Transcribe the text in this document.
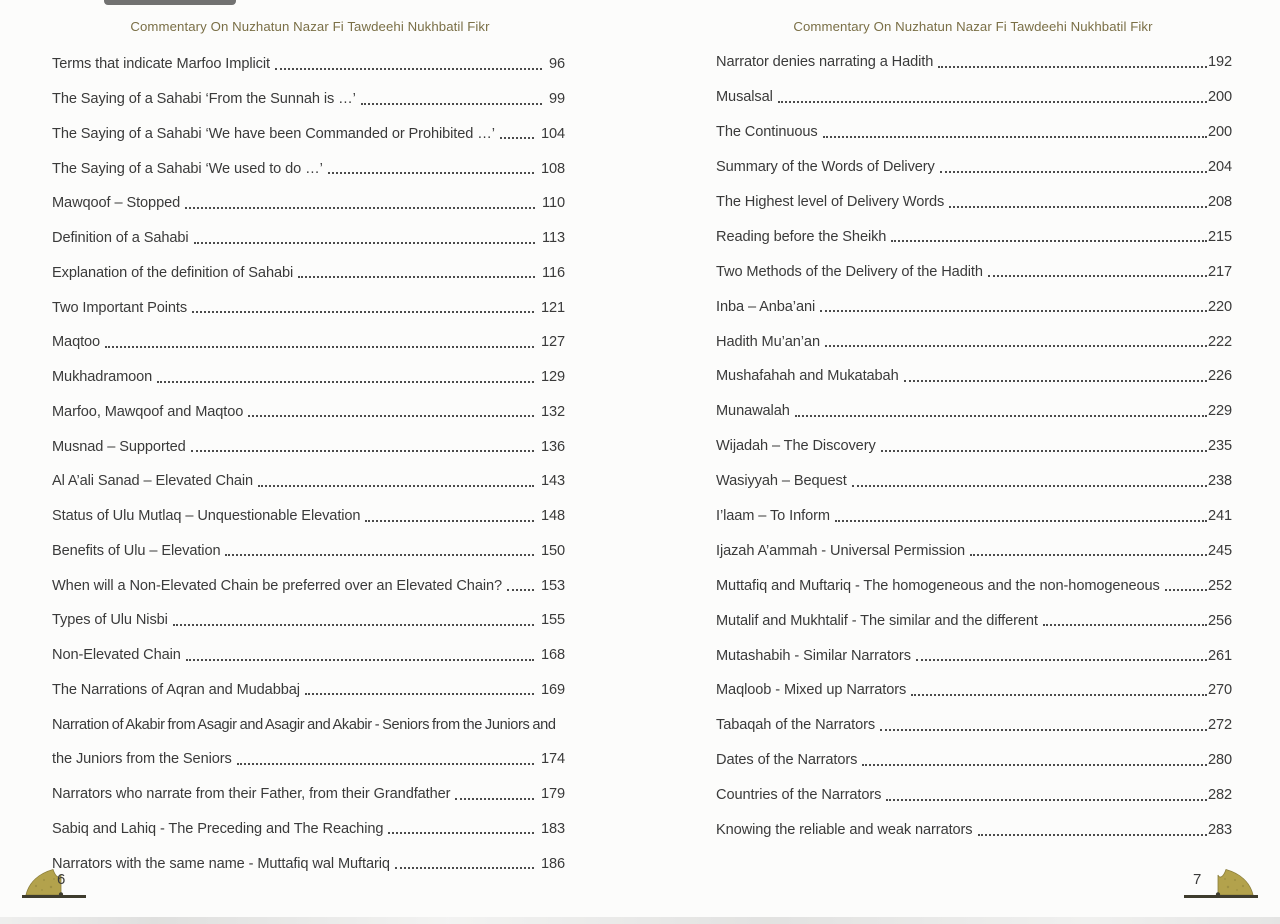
Commentary On Nuzhatun Nazar Fi Tawdeehi Nukhbatil Fikr
Terms that indicate Marfoo Implicit	96
The Saying of a Sahabi ‘From the Sunnah is …’	99
The Saying of a Sahabi ‘We have been Commanded or Prohibited …’	104
The Saying of a Sahabi ‘We used to do …’	108
Mawqoof – Stopped	110
Definition of a Sahabi	113
Explanation of the definition of Sahabi	116
Two Important Points	121
Maqtoo	127
Mukhadramoon	129
Marfoo, Mawqoof and Maqtoo	132
Musnad – Supported	136
Al A’ali Sanad – Elevated Chain	143
Status of Ulu Mutlaq – Unquestionable Elevation	148
Benefits of Ulu – Elevation	150
When will a Non-Elevated Chain be preferred over an Elevated Chain?	153
Types of Ulu Nisbi	155
Non-Elevated Chain	168
The Narrations of Aqran and Mudabbaj	169
Narration of Akabir from Asagir and Asagir and Akabir - Seniors from the Juniors and
the Juniors from the Seniors	174
Narrators who narrate from their Father, from their Grandfather	179
Sabiq and Lahiq - The Preceding and The Reaching	183
Narrators with the same name - Muttafiq wal Muftariq	186
6
Commentary On Nuzhatun Nazar Fi Tawdeehi Nukhbatil Fikr
Narrator denies narrating a Hadith	192
Musalsal	200
The Continuous	200
Summary of the Words of Delivery	204
The Highest level of Delivery Words	208
Reading before the Sheikh	215
Two Methods of the Delivery of the Hadith	217
Inba – Anba’ani	220
Hadith Mu’an’an	222
Mushafahah and Mukatabah	226
Munawalah	229
Wijadah – The Discovery	235
Wasiyyah – Bequest	238
I’laam – To Inform	241
Ijazah A’ammah - Universal Permission	245
Muttafiq and Muftariq - The homogeneous and the non-homogeneous	252
Mutalif and Mukhtalif - The similar and the different	256
Mutashabih - Similar Narrators	261
Maqloob - Mixed up Narrators	270
Tabaqah of the Narrators	272
Dates of the Narrators	280
Countries of the Narrators	282
Knowing the reliable and weak narrators	283
7
